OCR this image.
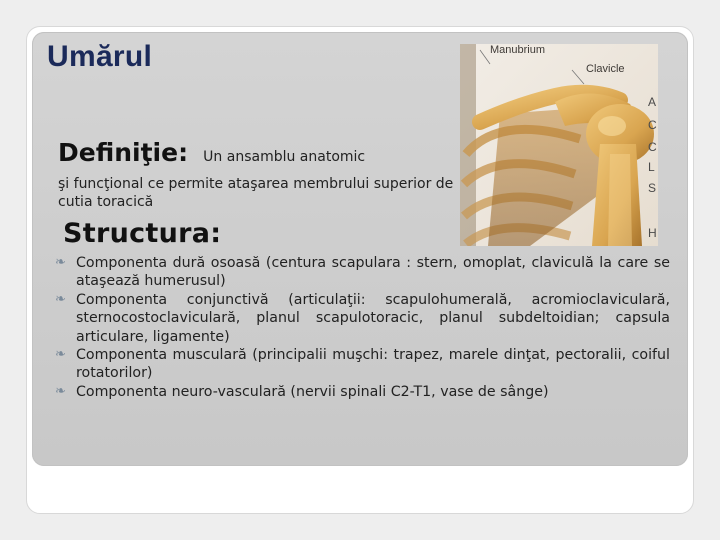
Umărul
Definiţie: Un ansamblu anatomic
şi funcţional ce permite ataşarea membrului superior de cutia toracică
Structura:
❧ Componenta dură osoasă (centura scapulara : stern, omoplat, claviculă la care se ataşează humerusul)
❧ Componenta conjunctivă (articulaţii: scapulohumerală, acromioclaviculară, sternocostoclaviculară, planul scapulotoracic, planul subdeltoidian; capsula articulare, ligamente)
❧ Componenta musculară (principalii muşchi: trapez, marele dinţat, pectoralii, coiful rotatorilor)
❧ Componenta neuro-vasculară (nervii spinali C2-T1, vase de sânge)
Manubrium
Clavicle
A
C
C
L
S
H
